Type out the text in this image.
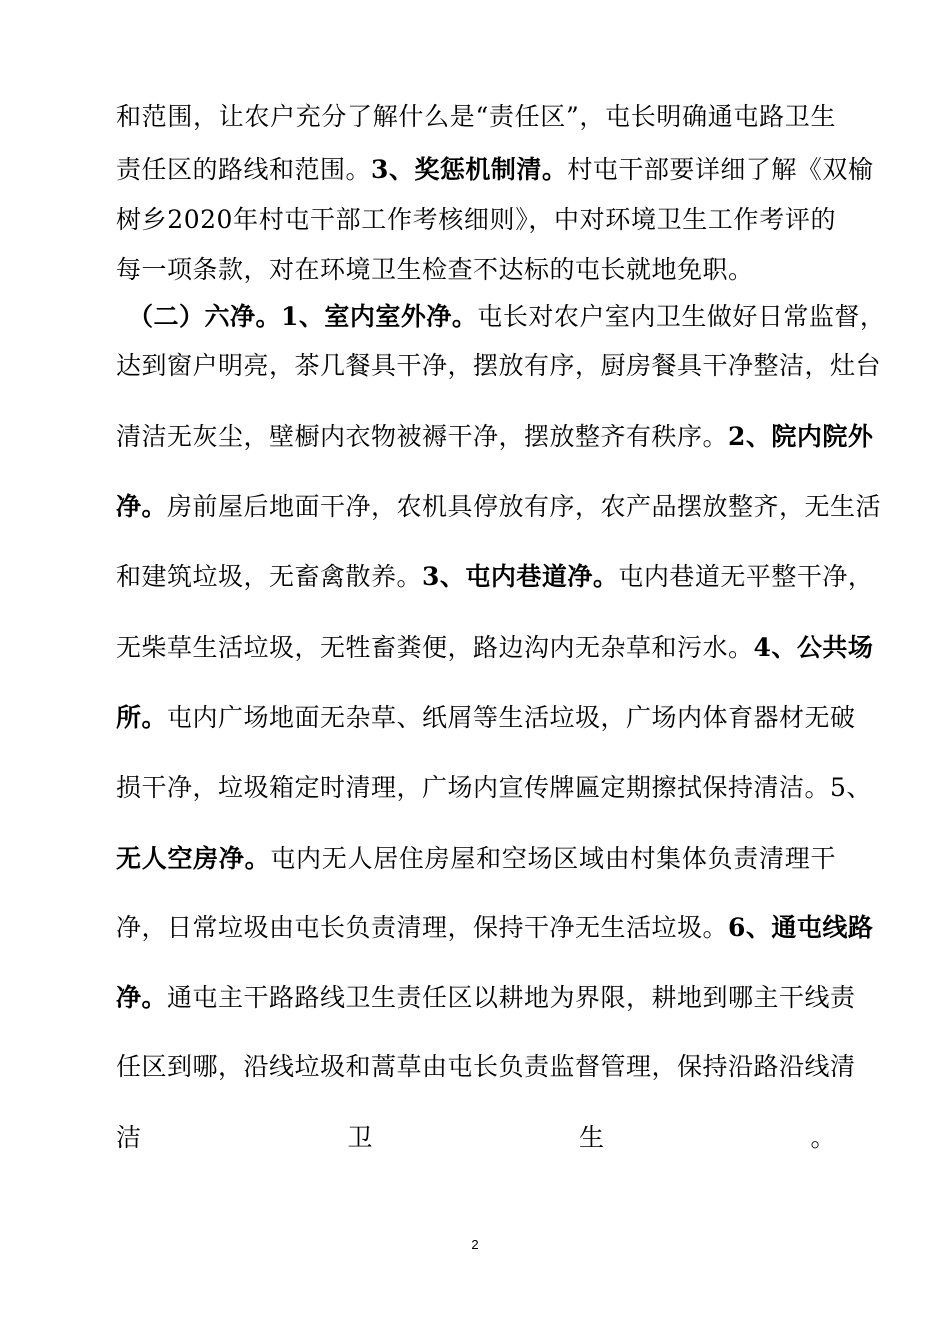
和范围，让农户充分了解什么是“责任区”，屯长明确通屯路卫生
责任区的路线和范围。3、奖惩机制清。村屯干部要详细了解《双榆
树乡2020年村屯干部工作考核细则》，中对环境卫生工作考评的
每一项条款，对在环境卫生检查不达标的屯长就地免职。
（二）六净。1、室内室外净。屯长对农户室内卫生做好日常监督，
达到窗户明亮，茶几餐具干净，摆放有序，厨房餐具干净整洁，灶台
清洁无灰尘，壁橱内衣物被褥干净，摆放整齐有秩序。2、院内院外
净。房前屋后地面干净，农机具停放有序，农产品摆放整齐，无生活
和建筑垃圾，无畜禽散养。3、屯内巷道净。屯内巷道无平整干净，
无柴草生活垃圾，无牲畜粪便，路边沟内无杂草和污水。4、公共场
所。屯内广场地面无杂草、纸屑等生活垃圾，广场内体育器材无破
损干净，垃圾箱定时清理，广场内宣传牌匾定期擦拭保持清洁。5、
无人空房净。屯内无人居住房屋和空场区域由村集体负责清理干
净，日常垃圾由屯长负责清理，保持干净无生活垃圾。6、通屯线路
净。通屯主干路路线卫生责任区以耕地为界限，耕地到哪主干线责
任区到哪，沿线垃圾和蒿草由屯长负责监督管理，保持沿路沿线清
洁卫生。
2
